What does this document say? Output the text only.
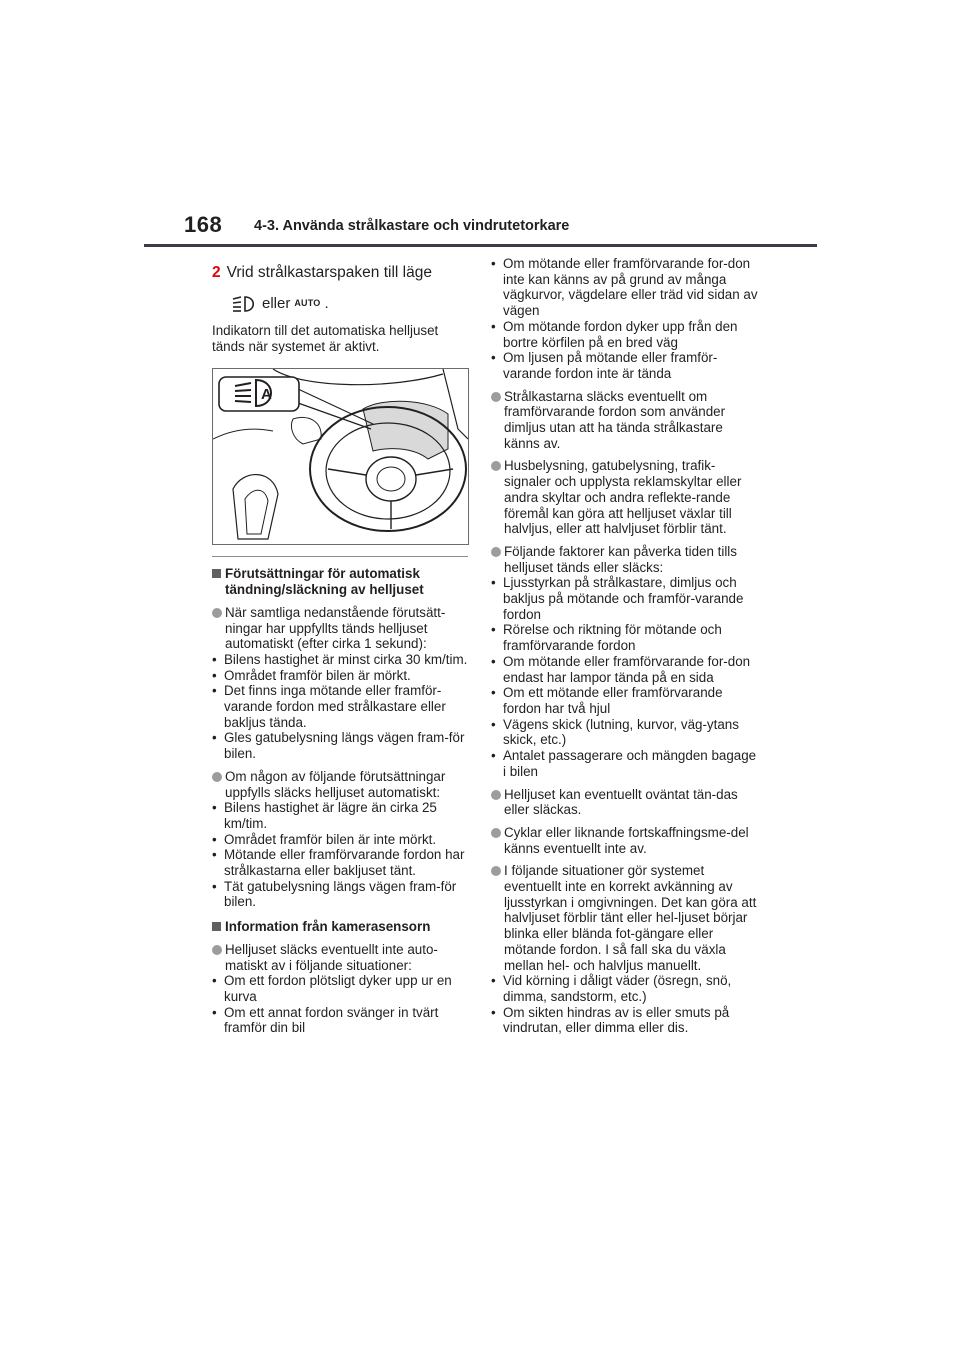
168 4-3. Använda strålkastare och vindrutetorkare
2 Vrid strålkastarspaken till läge
eller AUTO .

Indikatorn till det automatiska helljuset tänds när systemet är aktivt.

A
Förutsättningar för automatisk tändning/släckning av helljuset
När samtliga nedanstående förutsätt-ningar har uppfyllts tänds helljuset automatiskt (efter cirka 1 sekund):
• Bilens hastighet är minst cirka 30 km/tim.
• Området framför bilen är mörkt.
• Det finns inga mötande eller framför-varande fordon med strålkastare eller bakljus tända.
• Gles gatubelysning längs vägen fram-för bilen.
Om någon av följande förutsättningar uppfylls släcks helljuset automatiskt:
• Bilens hastighet är lägre än cirka 25 km/tim.
• Området framför bilen är inte mörkt.
• Mötande eller framförvarande fordon har strålkastarna eller bakljuset tänt.
• Tät gatubelysning längs vägen fram-för bilen.
Information från kamerasensorn
Helljuset släcks eventuellt inte auto-matiskt av i följande situationer:
• Om ett fordon plötsligt dyker upp ur en kurva
• Om ett annat fordon svänger in tvärt framför din bil
• Om mötande eller framförvarande for-don inte kan känns av på grund av många vägkurvor, vägdelare eller träd vid sidan av vägen
• Om mötande fordon dyker upp från den bortre körfilen på en bred väg
• Om ljusen på mötande eller framför-varande fordon inte är tända
Strålkastarna släcks eventuellt om framförvarande fordon som använder dimljus utan att ha tända strålkastare känns av.
Husbelysning, gatubelysning, trafik-signaler och upplysta reklamskyltar eller andra skyltar och andra reflekte-rande föremål kan göra att helljuset växlar till halvljus, eller att halvljuset förblir tänt.
Följande faktorer kan påverka tiden tills helljuset tänds eller släcks:
• Ljusstyrkan på strålkastare, dimljus och bakljus på mötande och framför-varande fordon
• Rörelse och riktning för mötande och framförvarande fordon
• Om mötande eller framförvarande for-don endast har lampor tända på en sida
• Om ett mötande eller framförvarande fordon har två hjul
• Vägens skick (lutning, kurvor, väg-ytans skick, etc.)
• Antalet passagerare och mängden bagage i bilen
Helljuset kan eventuellt oväntat tän-das eller släckas.
Cyklar eller liknande fortskaffningsme-del känns eventuellt inte av.
I följande situationer gör systemet eventuellt inte en korrekt avkänning av ljusstyrkan i omgivningen. Det kan göra att halvljuset förblir tänt eller hel-ljuset börjar blinka eller blända fot-gängare eller mötande fordon. I så fall ska du växla mellan hel- och halvljus manuellt.
• Vid körning i dåligt väder (ösregn, snö, dimma, sandstorm, etc.)
• Om sikten hindras av is eller smuts på vindrutan, eller dimma eller dis.
